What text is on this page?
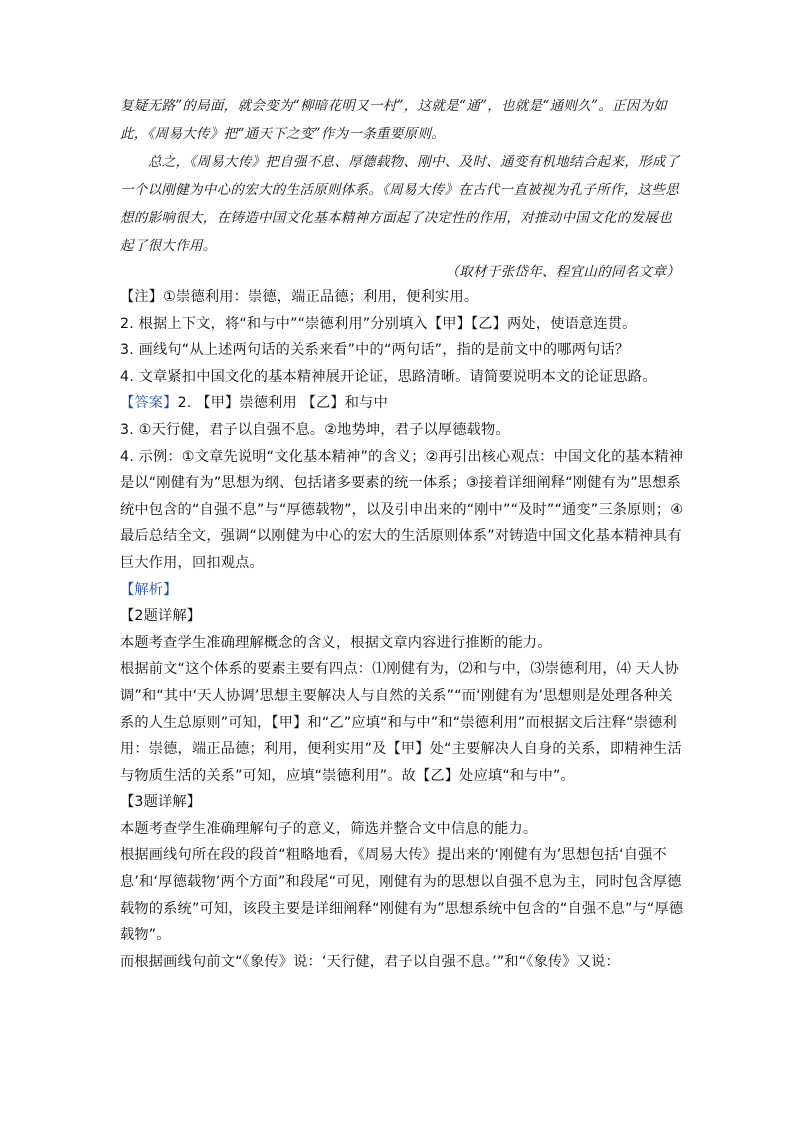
复疑无路”的局面，就会变为“柳暗花明又一村”，这就是“通”，也就是“通则久”。正因为如此，《周易大传》把“通天下之变”作为一条重要原则。

总之，《周易大传》把自强不息、厚德载物、刚中、及时、通变有机地结合起来，形成了一个以刚健为中心的宏大的生活原则体系。《周易大传》在古代一直被视为孔子所作，这些思想的影响很大，在铸造中国文化基本精神方面起了决定性的作用，对推动中国文化的发展也起了很大作用。

（取材于张岱年、程宜山的同名文章）

【注】①崇德利用：崇德，端正品德；利用，便利实用。

2. 根据上下文，将“和与中”“崇德利用”分别填入【甲】【乙】两处，使语意连贯。

3. 画线句“从上述两句话的关系来看”中的“两句话”，指的是前文中的哪两句话？

4. 文章紧扣中国文化的基本精神展开论证，思路清晰。请简要说明本文的论证思路。

【答案】2. 【甲】崇德利用 【乙】和与中

3. ①天行健，君子以自强不息。②地势坤，君子以厚德载物。

4. 示例：①文章先说明“文化基本精神”的含义；②再引出核心观点：中国文化的基本精神是以“刚健有为”思想为纲、包括诸多要素的统一体系；③接着详细阐释“刚健有为”思想系统中包含的“自强不息”与“厚德载物”，以及引申出来的“刚中”“及时”“通变”三条原则；④最后总结全文，强调“以刚健为中心的宏大的生活原则体系”对铸造中国文化基本精神具有巨大作用，回扣观点。

【解析】

【2题详解】

本题考查学生准确理解概念的含义，根据文章内容进行推断的能力。

根据前文“这个体系的要素主要有四点：⑴刚健有为，⑵和与中，⑶崇德利用，⑷ 天人协调”和“其中‘天人协调’思想主要解决人与自然的关系”“而‘刚健有为’思想则是处理各种关系的人生总原则”可知，【甲】和“乙”应填“和与中”和“崇德利用”而根据文后注释“崇德利用：崇德，端正品德；利用，便利实用”及【甲】处“主要解决人自身的关系，即精神生活与物质生活的关系”可知，应填“崇德利用”。故【乙】处应填“和与中”。

【3题详解】

本题考查学生准确理解句子的意义，筛选并整合文中信息的能力。

根据画线句所在段的段首“粗略地看，《周易大传》提出来的‘刚健有为’思想包括‘自强不息’和‘厚德载物’两个方面”和段尾“可见，刚健有为的思想以自强不息为主，同时包含厚德载物的系统”可知，该段主要是详细阐释“刚健有为”思想系统中包含的“自强不息”与“厚德载物”。

而根据画线句前文“《象传》说：‘天行健，君子以自强不息。’”和“《象传》又说：
